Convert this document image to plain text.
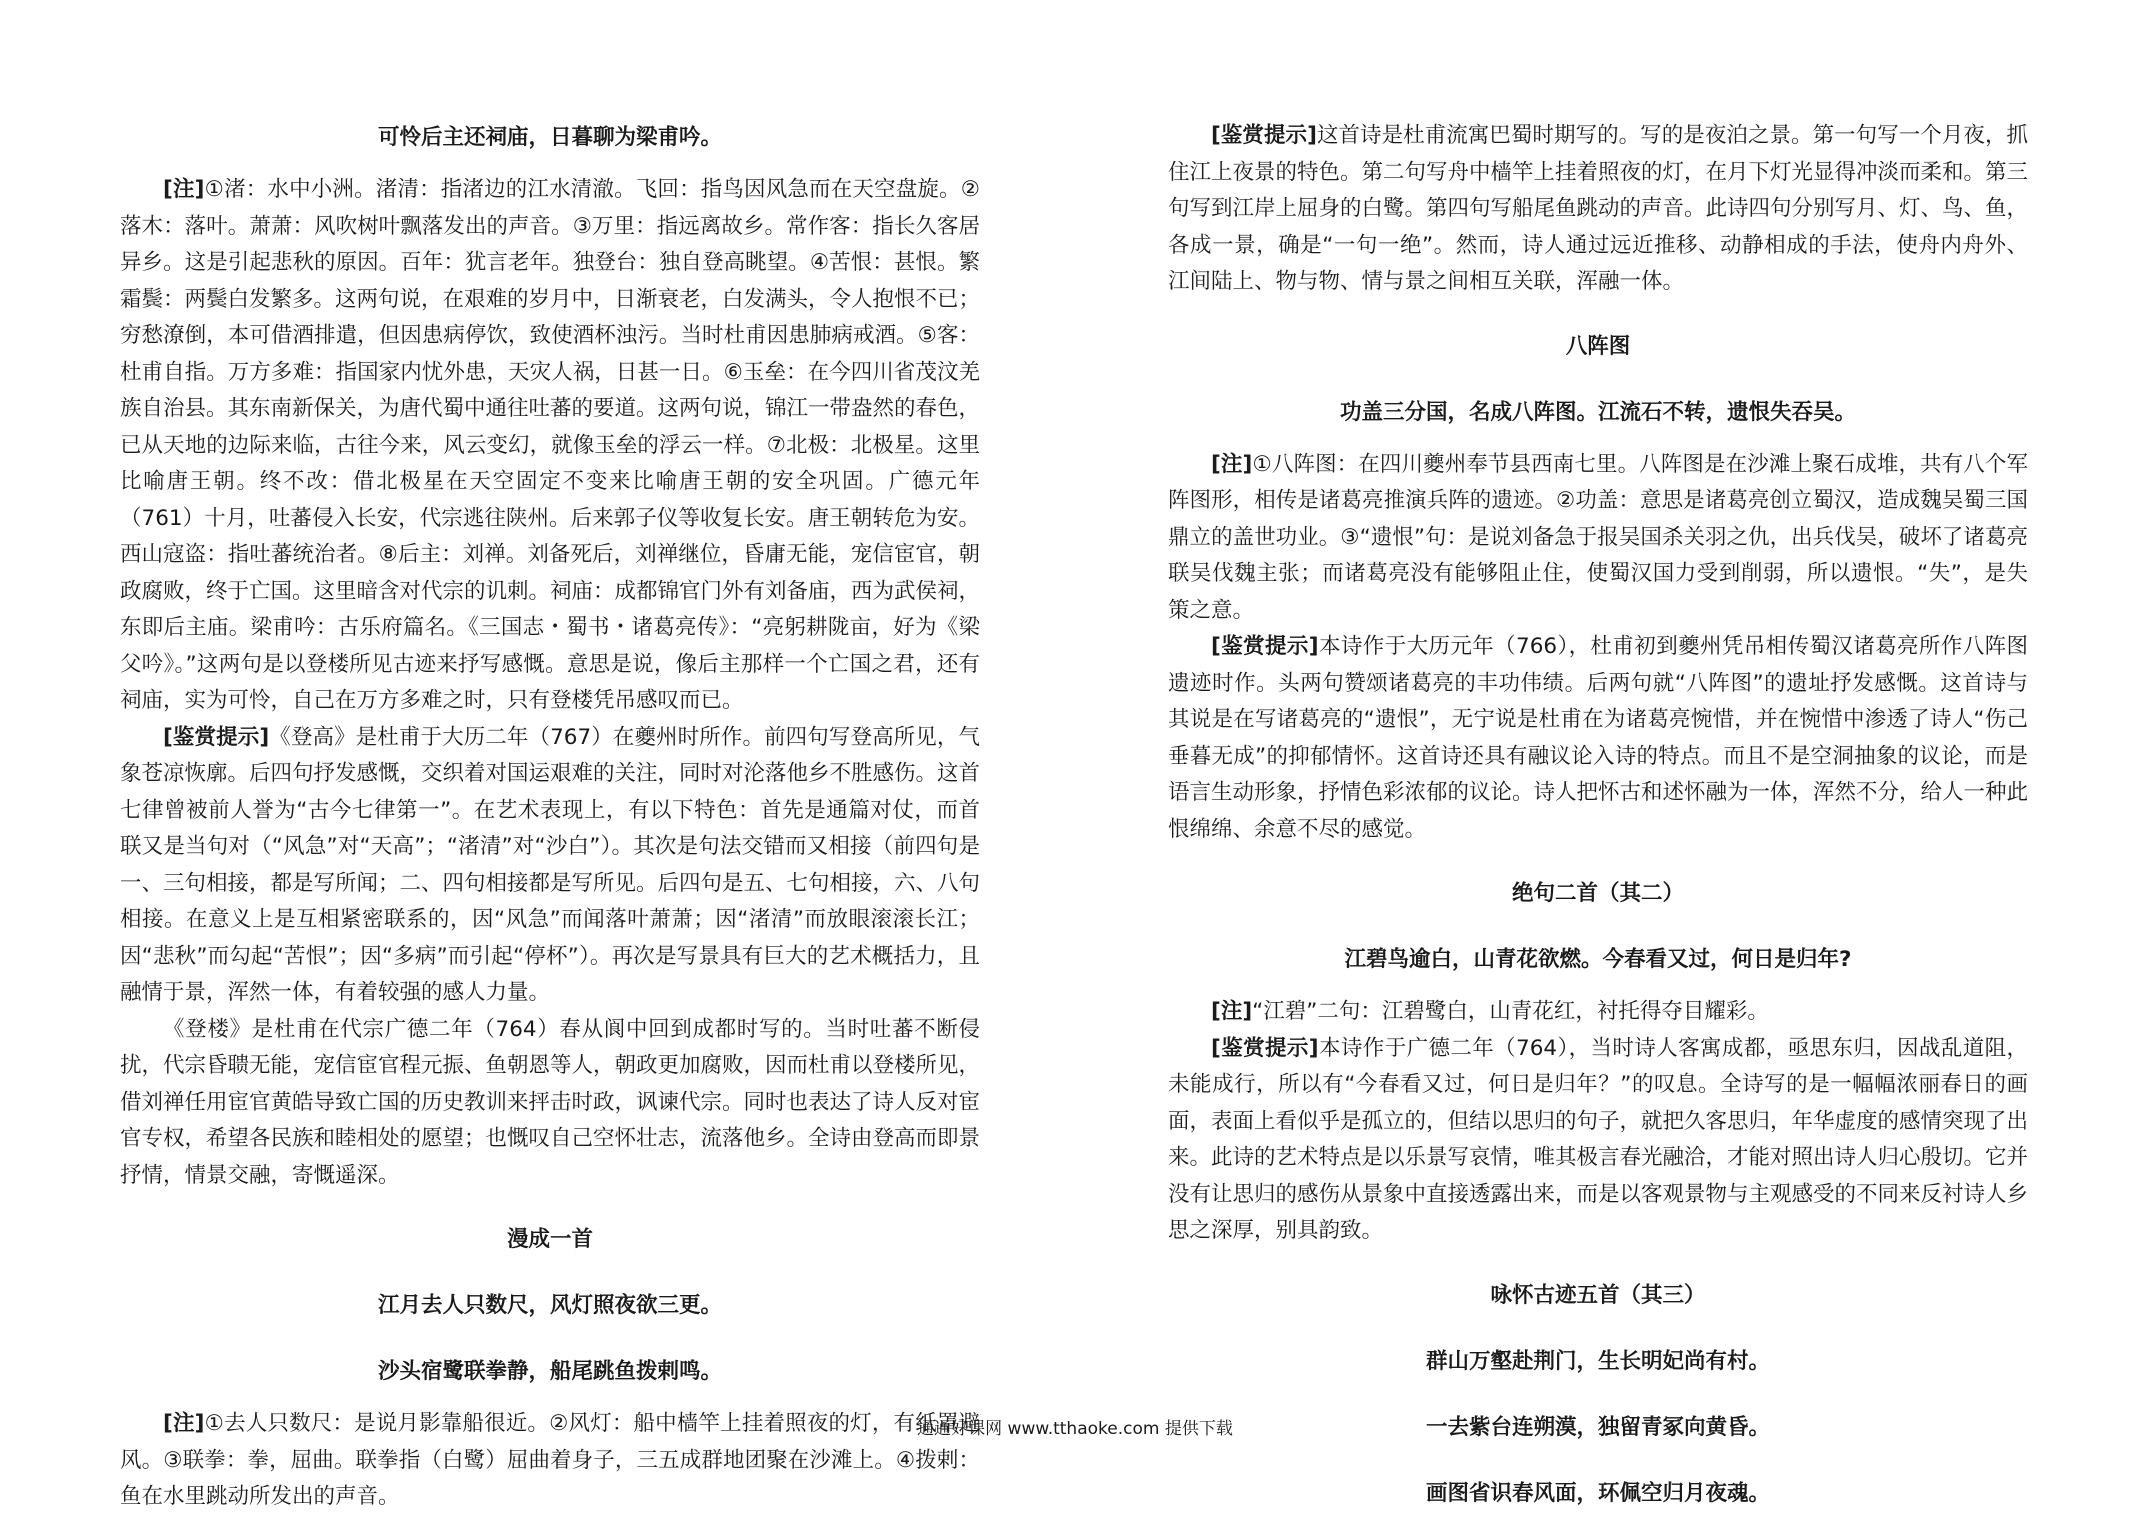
可怜后主还祠庙，日暮聊为梁甫吟。

[注]①渚：水中小洲。渚清：指渚边的江水清澈。飞回：指鸟因风急而在天空盘旋。②落木：落叶。萧萧：风吹树叶飘落发出的声音。③万里：指远离故乡。常作客：指长久客居异乡。这是引起悲秋的原因。百年：犹言老年。独登台：独自登高眺望。④苦恨：甚恨。繁霜鬓：两鬓白发繁多。这两句说，在艰难的岁月中，日渐衰老，白发满头，令人抱恨不已；穷愁潦倒，本可借酒排遣，但因患病停饮，致使酒杯浊污。当时杜甫因患肺病戒酒。⑤客：杜甫自指。万方多难：指国家内忧外患，天灾人祸，日甚一日。⑥玉垒：在今四川省茂汶羌族自治县。其东南新保关，为唐代蜀中通往吐蕃的要道。这两句说，锦江一带盎然的春色，已从天地的边际来临，古往今来，风云变幻，就像玉垒的浮云一样。⑦北极：北极星。这里比喻唐王朝。终不改：借北极星在天空固定不变来比喻唐王朝的安全巩固。广德元年（761）十月，吐蕃侵入长安，代宗逃往陕州。后来郭子仪等收复长安。唐王朝转危为安。西山寇盗：指吐蕃统治者。⑧后主：刘禅。刘备死后，刘禅继位，昏庸无能，宠信宦官，朝政腐败，终于亡国。这里暗含对代宗的讥刺。祠庙：成都锦官门外有刘备庙，西为武侯祠，东即后主庙。梁甫吟：古乐府篇名。《三国志・蜀书・诸葛亮传》：“亮躬耕陇亩，好为《梁父吟》。”这两句是以登楼所见古迹来抒写感慨。意思是说，像后主那样一个亡国之君，还有祠庙，实为可怜，自己在万方多难之时，只有登楼凭吊感叹而已。

[鉴赏提示]《登高》是杜甫于大历二年（767）在夔州时所作。前四句写登高所见，气象苍凉恢廓。后四句抒发感慨，交织着对国运艰难的关注，同时对沦落他乡不胜感伤。这首七律曾被前人誉为“古今七律第一”。在艺术表现上，有以下特色：首先是通篇对仗，而首联又是当句对（“风急”对“天高”；“渚清”对“沙白”）。其次是句法交错而又相接（前四句是一、三句相接，都是写所闻；二、四句相接都是写所见。后四句是五、七句相接，六、八句相接。在意义上是互相紧密联系的，因“风急”而闻落叶萧萧；因“渚清”而放眼滚滚长江；因“悲秋”而勾起“苦恨”；因“多病”而引起“停杯”）。再次是写景具有巨大的艺术概括力，且融情于景，浑然一体，有着较强的感人力量。

《登楼》是杜甫在代宗广德二年（764）春从阆中回到成都时写的。当时吐蕃不断侵扰，代宗昏聩无能，宠信宦官程元振、鱼朝恩等人，朝政更加腐败，因而杜甫以登楼所见，借刘禅任用宦官黄皓导致亡国的历史教训来抨击时政，讽谏代宗。同时也表达了诗人反对宦官专权，希望各民族和睦相处的愿望；也慨叹自己空怀壮志，流落他乡。全诗由登高而即景抒情，情景交融，寄慨遥深。

漫成一首

江月去人只数尺，风灯照夜欲三更。

沙头宿鹭联拳静，船尾跳鱼拨剌鸣。

[注]①去人只数尺：是说月影靠船很近。②风灯：船中樯竿上挂着照夜的灯，有纸罩避风。③联拳：拳，屈曲。联拳指（白鹭）屈曲着身子，三五成群地团聚在沙滩上。④拨剌：鱼在水里跳动所发出的声音。

[鉴赏提示]这首诗是杜甫流寓巴蜀时期写的。写的是夜泊之景。第一句写一个月夜，抓住江上夜景的特色。第二句写舟中樯竿上挂着照夜的灯，在月下灯光显得冲淡而柔和。第三句写到江岸上屈身的白鹭。第四句写船尾鱼跳动的声音。此诗四句分别写月、灯、鸟、鱼，各成一景，确是“一句一绝”。然而，诗人通过远近推移、动静相成的手法，使舟内舟外、江间陆上、物与物、情与景之间相互关联，浑融一体。

八阵图

功盖三分国，名成八阵图。江流石不转，遗恨失吞吴。

[注]①八阵图：在四川夔州奉节县西南七里。八阵图是在沙滩上聚石成堆，共有八个军阵图形，相传是诸葛亮推演兵阵的遗迹。②功盖：意思是诸葛亮创立蜀汉，造成魏吴蜀三国鼎立的盖世功业。③“遗恨”句：是说刘备急于报吴国杀关羽之仇，出兵伐吴，破坏了诸葛亮联吴伐魏主张；而诸葛亮没有能够阻止住，使蜀汉国力受到削弱，所以遗恨。“失”，是失策之意。

[鉴赏提示]本诗作于大历元年（766），杜甫初到夔州凭吊相传蜀汉诸葛亮所作八阵图遗迹时作。头两句赞颂诸葛亮的丰功伟绩。后两句就“八阵图”的遗址抒发感慨。这首诗与其说是在写诸葛亮的“遗恨”，无宁说是杜甫在为诸葛亮惋惜，并在惋惜中渗透了诗人“伤己垂暮无成”的抑郁情怀。这首诗还具有融议论入诗的特点。而且不是空洞抽象的议论，而是语言生动形象，抒情色彩浓郁的议论。诗人把怀古和述怀融为一体，浑然不分，给人一种此恨绵绵、余意不尽的感觉。

绝句二首（其二）

江碧鸟逾白，山青花欲燃。今春看又过，何日是归年?

[注]“江碧”二句：江碧鹭白，山青花红，衬托得夺目耀彩。

[鉴赏提示]本诗作于广德二年（764），当时诗人客寓成都，亟思东归，因战乱道阻，未能成行，所以有“今春看又过，何日是归年？”的叹息。全诗写的是一幅幅浓丽春日的画面，表面上看似乎是孤立的，但结以思归的句子，就把久客思归，年华虚度的感情突现了出来。此诗的艺术特点是以乐景写哀情，唯其极言春光融洽，才能对照出诗人归心殷切。它并没有让思归的感伤从景象中直接透露出来，而是以客观景物与主观感受的不同来反衬诗人乡思之深厚，别具韵致。

咏怀古迹五首（其三）

群山万壑赴荆门，生长明妃尚有村。

一去紫台连朔漠，独留青冢向黄昏。

画图省识春风面，环佩空归月夜魂。

通通好课网 www.tthaoke.com 提供下载
